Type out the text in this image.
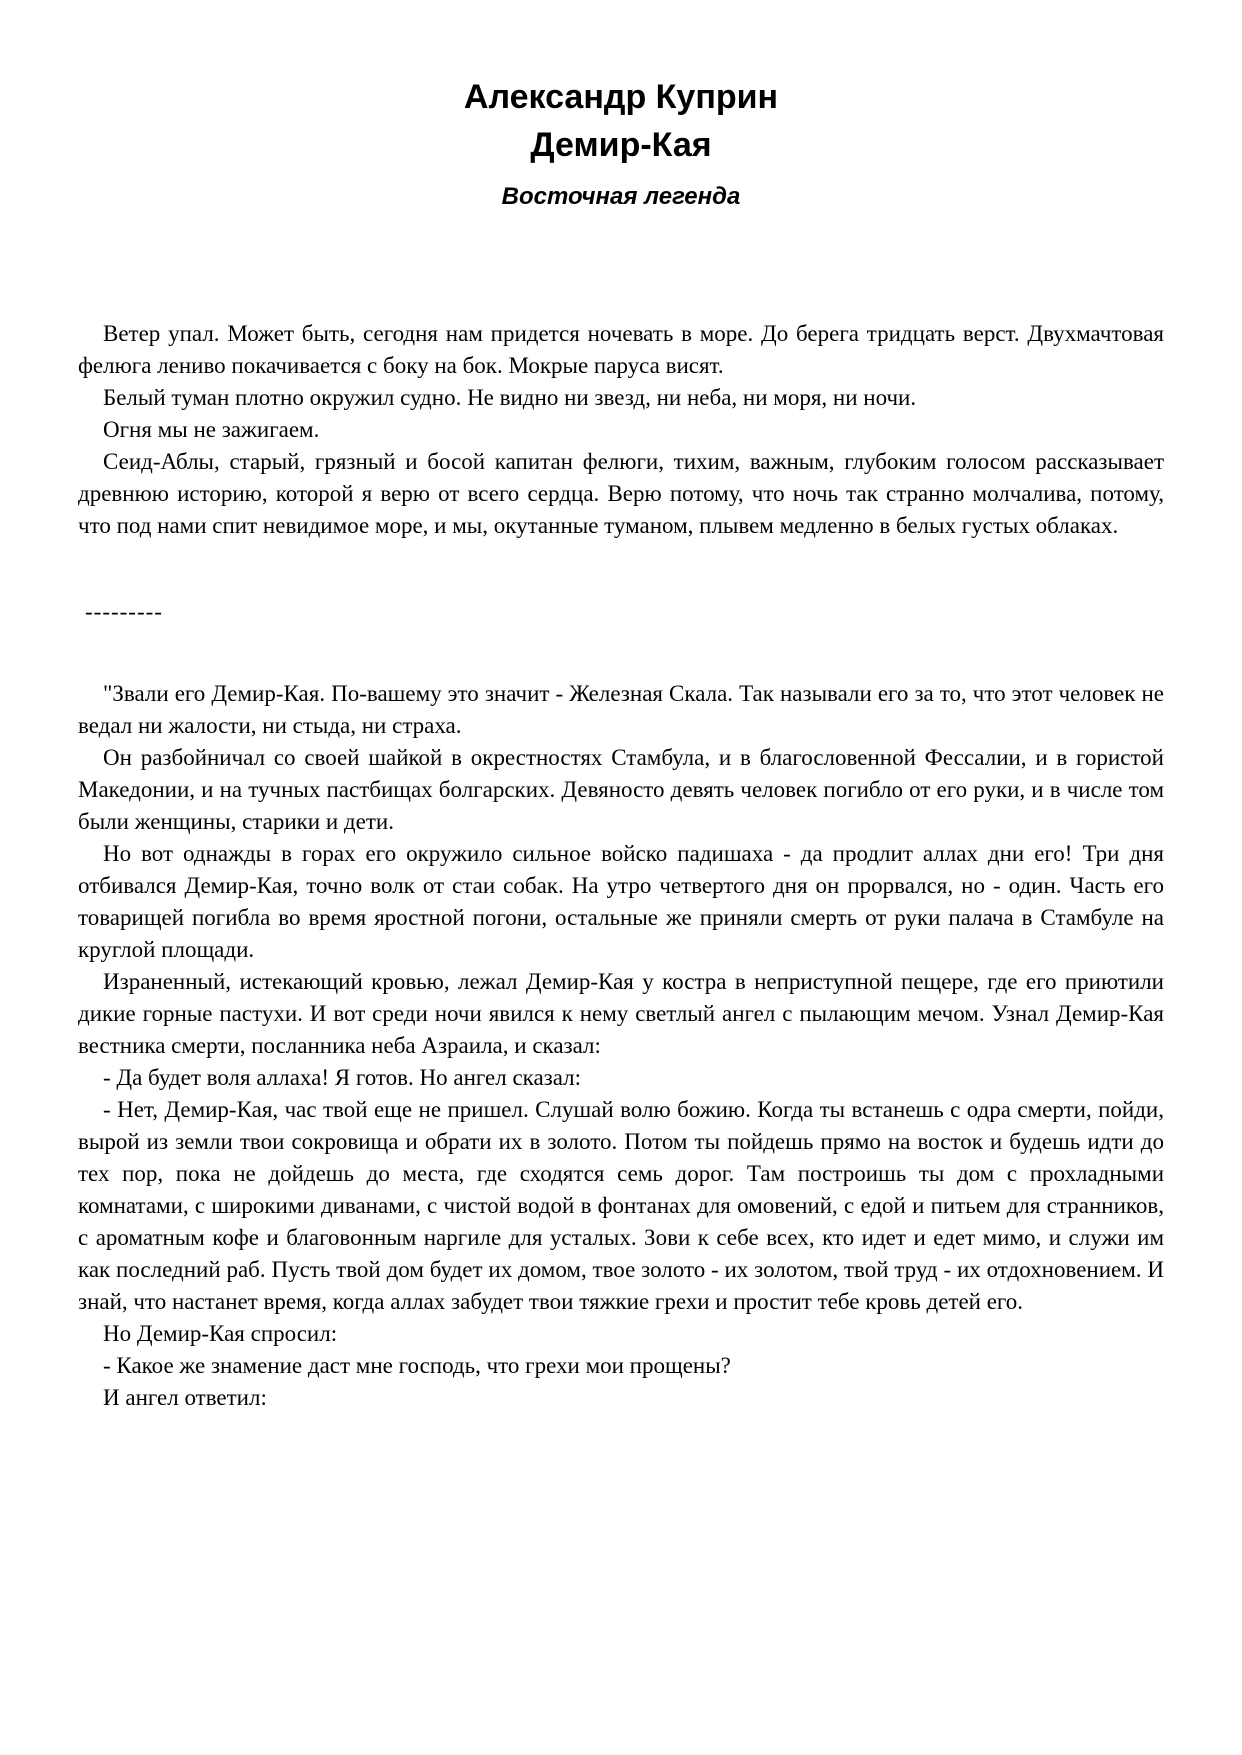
Александр Куприн
Демир-Кая
Восточная легенда

Ветер упал. Может быть, сегодня нам придется ночевать в море. До берега тридцать верст. Двухмачтовая фелюга лениво покачивается с боку на бок. Мокрые паруса висят.

Белый туман плотно окружил судно. Не видно ни звезд, ни неба, ни моря, ни ночи.

Огня мы не зажигаем.

Сеид-Аблы, старый, грязный и босой капитан фелюги, тихим, важным, глубоким голосом рассказывает древнюю историю, которой я верю от всего сердца. Верю потому, что ночь так странно молчалива, потому, что под нами спит невидимое море, и мы, окутанные туманом, плывем медленно в белых густых облаках.

---------

"Звали его Демир-Кая. По-вашему это значит - Железная Скала. Так называли его за то, что этот человек не ведал ни жалости, ни стыда, ни страха.

Он разбойничал со своей шайкой в окрестностях Стамбула, и в благословенной Фессалии, и в гористой Македонии, и на тучных пастбищах болгарских. Девяносто девять человек погибло от его руки, и в числе том были женщины, старики и дети.

Но вот однажды в горах его окружило сильное войско падишаха - да продлит аллах дни его! Три дня отбивался Демир-Кая, точно волк от стаи собак. На утро четвертого дня он прорвался, но - один. Часть его товарищей погибла во время яростной погони, остальные же приняли смерть от руки палача в Стамбуле на круглой площади.

Израненный, истекающий кровью, лежал Демир-Кая у костра в неприступной пещере, где его приютили дикие горные пастухи. И вот среди ночи явился к нему светлый ангел с пылающим мечом. Узнал Демир-Кая вестника смерти, посланника неба Азраила, и сказал:

- Да будет воля аллаха! Я готов. Но ангел сказал:

- Нет, Демир-Кая, час твой еще не пришел. Слушай волю божию. Когда ты встанешь с одра смерти, пойди, вырой из земли твои сокровища и обрати их в золото. Потом ты пойдешь прямо на восток и будешь идти до тех пор, пока не дойдешь до места, где сходятся семь дорог. Там построишь ты дом с прохладными комнатами, с широкими диванами, с чистой водой в фонтанах для омовений, с едой и питьем для странников, с ароматным кофе и благовонным наргиле для усталых. Зови к себе всех, кто идет и едет мимо, и служи им как последний раб. Пусть твой дом будет их домом, твое золото - их золотом, твой труд - их отдохновением. И знай, что настанет время, когда аллах забудет твои тяжкие грехи и простит тебе кровь детей его.

Но Демир-Кая спросил:

- Какое же знамение даст мне господь, что грехи мои прощены?

И ангел ответил:
